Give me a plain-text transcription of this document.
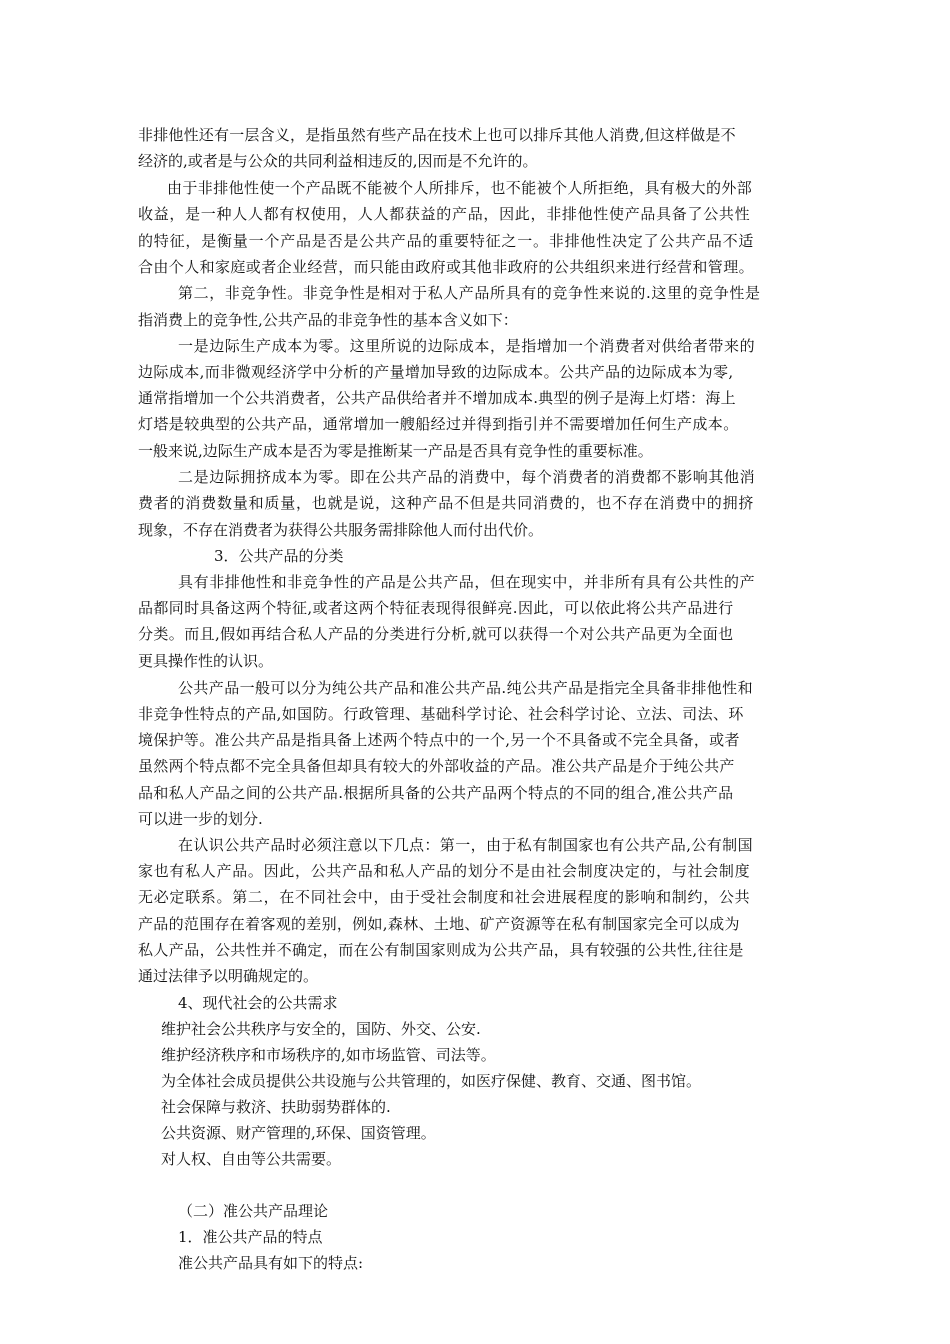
非排他性还有一层含义，是指虽然有些产品在技术上也可以排斥其他人消费,但这样做是不
经济的,或者是与公众的共同利益相违反的,因而是不允许的。
由于非排他性使一个产品既不能被个人所排斥，也不能被个人所拒绝，具有极大的外部
收益，是一种人人都有权使用，人人都获益的产品，因此，非排他性使产品具备了公共性
的特征，是衡量一个产品是否是公共产品的重要特征之一。非排他性决定了公共产品不适
合由个人和家庭或者企业经营，而只能由政府或其他非政府的公共组织来进行经营和管理。
第二，非竞争性。非竞争性是相对于私人产品所具有的竞争性来说的.这里的竞争性是
指消费上的竞争性,公共产品的非竞争性的基本含义如下：
一是边际生产成本为零。这里所说的边际成本，是指增加一个消费者对供给者带来的
边际成本,而非微观经济学中分析的产量增加导致的边际成本。公共产品的边际成本为零,
通常指增加一个公共消费者，公共产品供给者并不增加成本.典型的例子是海上灯塔：海上
灯塔是较典型的公共产品，通常增加一艘船经过并得到指引并不需要增加任何生产成本。
一般来说,边际生产成本是否为零是推断某一产品是否具有竞争性的重要标准。
二是边际拥挤成本为零。即在公共产品的消费中，每个消费者的消费都不影响其他消
费者的消费数量和质量，也就是说，这种产品不但是共同消费的，也不存在消费中的拥挤
现象，不存在消费者为获得公共服务需排除他人而付出代价。
3．公共产品的分类
具有非排他性和非竞争性的产品是公共产品，但在现实中，并非所有具有公共性的产
品都同时具备这两个特征,或者这两个特征表现得很鲜亮.因此，可以依此将公共产品进行
分类。而且,假如再结合私人产品的分类进行分析,就可以获得一个对公共产品更为全面也
更具操作性的认识。
公共产品一般可以分为纯公共产品和准公共产品.纯公共产品是指完全具备非排他性和
非竞争性特点的产品,如国防。行政管理、基础科学讨论、社会科学讨论、立法、司法、环
境保护等。准公共产品是指具备上述两个特点中的一个,另一个不具备或不完全具备，或者
虽然两个特点都不完全具备但却具有较大的外部收益的产品。准公共产品是介于纯公共产
品和私人产品之间的公共产品.根据所具备的公共产品两个特点的不同的组合,准公共产品
可以进一步的划分.
在认识公共产品时必须注意以下几点：第一，由于私有制国家也有公共产品,公有制国
家也有私人产品。因此，公共产品和私人产品的划分不是由社会制度决定的，与社会制度
无必定联系。第二，在不同社会中，由于受社会制度和社会进展程度的影响和制约，公共
产品的范围存在着客观的差别，例如,森林、土地、矿产资源等在私有制国家完全可以成为
私人产品，公共性并不确定，而在公有制国家则成为公共产品，具有较强的公共性,往往是
通过法律予以明确规定的。
4、现代社会的公共需求
维护社会公共秩序与安全的，国防、外交、公安.
维护经济秩序和市场秩序的,如市场监管、司法等。
为全体社会成员提供公共设施与公共管理的，如医疗保健、教育、交通、图书馆。
社会保障与救济、扶助弱势群体的.
公共资源、财产管理的,环保、国资管理。
对人权、自由等公共需要。
（二）准公共产品理论
1．准公共产品的特点
准公共产品具有如下的特点:
